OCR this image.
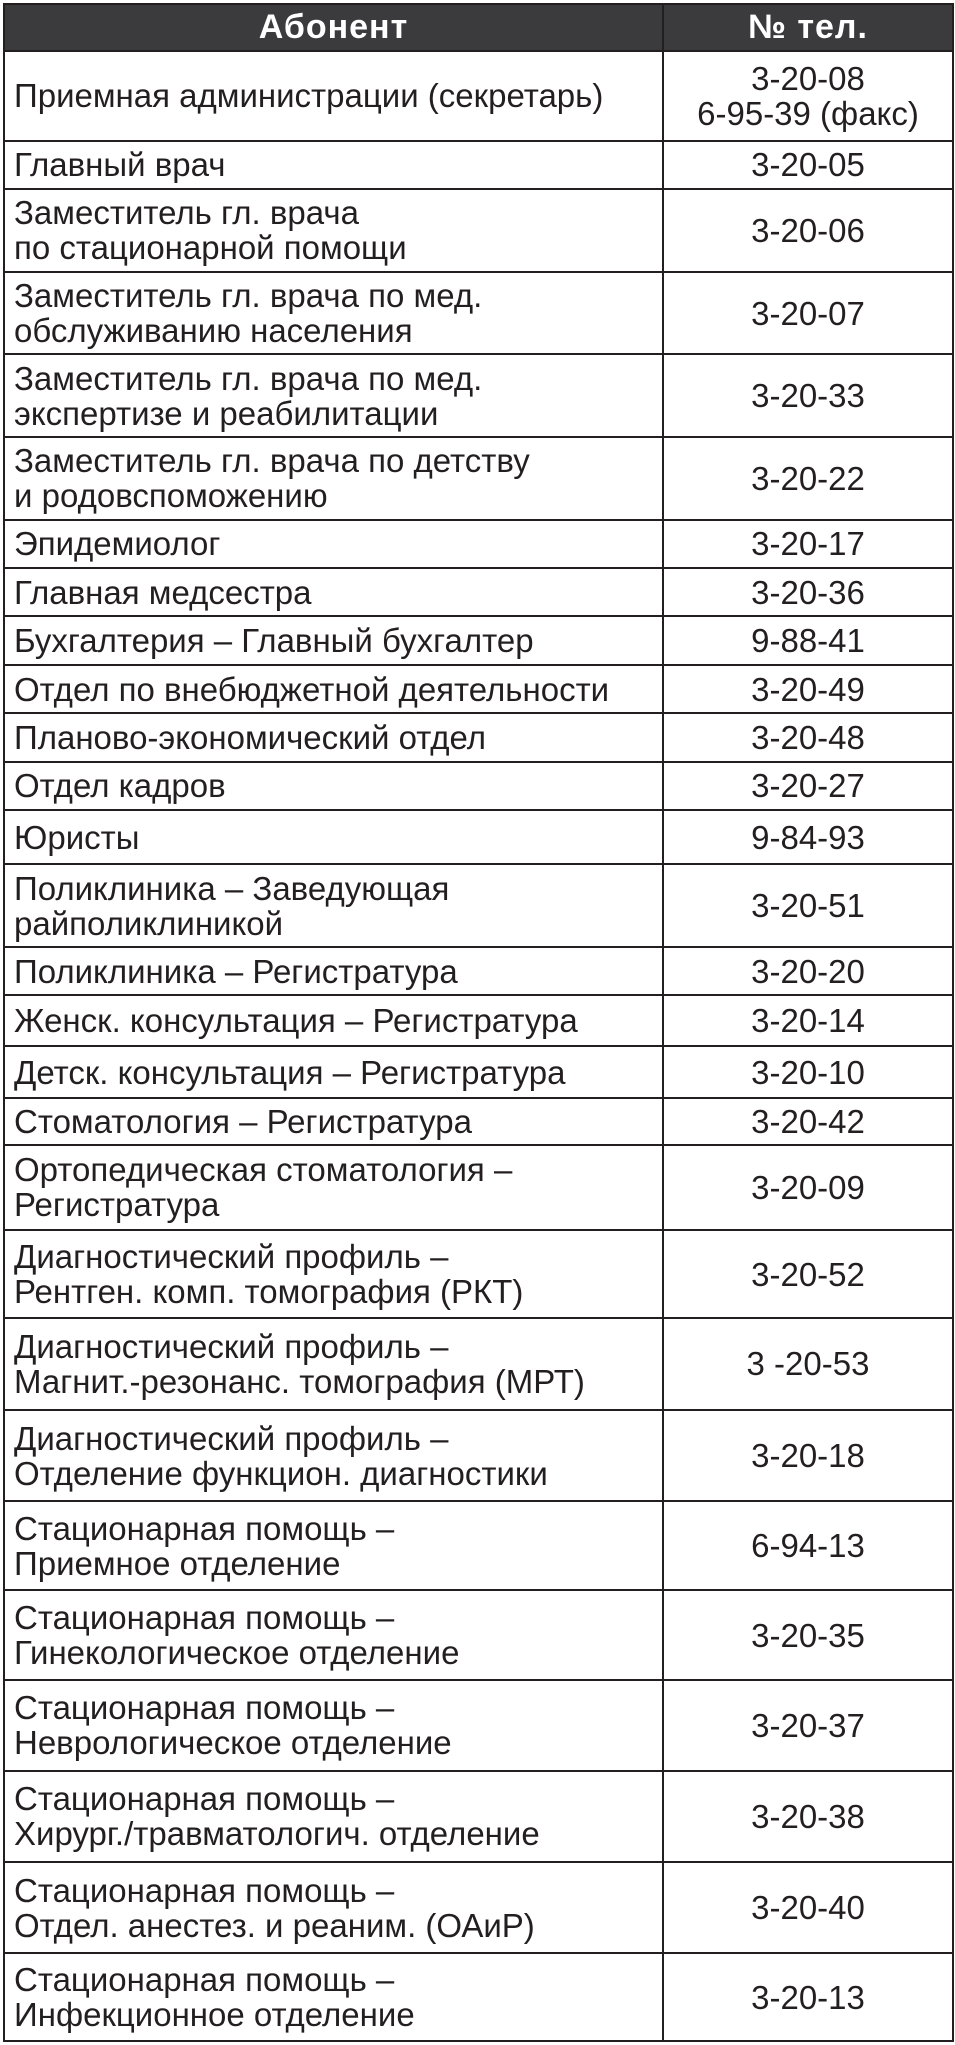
Абонент	№ тел.
Приемная администрации (секретарь)	3-20-08
6-95-39 (факс)
Главный врач	3-20-05
Заместитель гл. врача
по стационарной помощи	3-20-06
Заместитель гл. врача по мед.
обслуживанию населения	3-20-07
Заместитель гл. врача по мед.
экспертизе и реабилитации	3-20-33
Заместитель гл. врача по детству
и родовспоможению	3-20-22
Эпидемиолог	3-20-17
Главная медсестра	3-20-36
Бухгалтерия – Главный бухгалтер	9-88-41
Отдел по внебюджетной деятельности	3-20-49
Планово-экономический отдел	3-20-48
Отдел кадров	3-20-27
Юристы	9-84-93
Поликлиника – Заведующая
райполиклиникой	3-20-51
Поликлиника – Регистратура	3-20-20
Женск. консультация – Регистратура	3-20-14
Детск. консультация – Регистратура	3-20-10
Стоматология – Регистратура	3-20-42
Ортопедическая стоматология –
Регистратура	3-20-09
Диагностический профиль –
Рентген. комп. томография (РКТ)	3-20-52
Диагностический профиль –
Магнит.-резонанс. томография (МРТ)	3 -20-53
Диагностический профиль –
Отделение функцион. диагностики	3-20-18
Стационарная помощь –
Приемное отделение	6-94-13
Стационарная помощь –
Гинекологическое отделение	3-20-35
Стационарная помощь –
Неврологическое отделение	3-20-37
Стационарная помощь –
Хирург./травматологич. отделение	3-20-38
Стационарная помощь –
Отдел. анестез. и реаним. (ОАиР)	3-20-40
Стационарная помощь –
Инфекционное отделение	3-20-13
